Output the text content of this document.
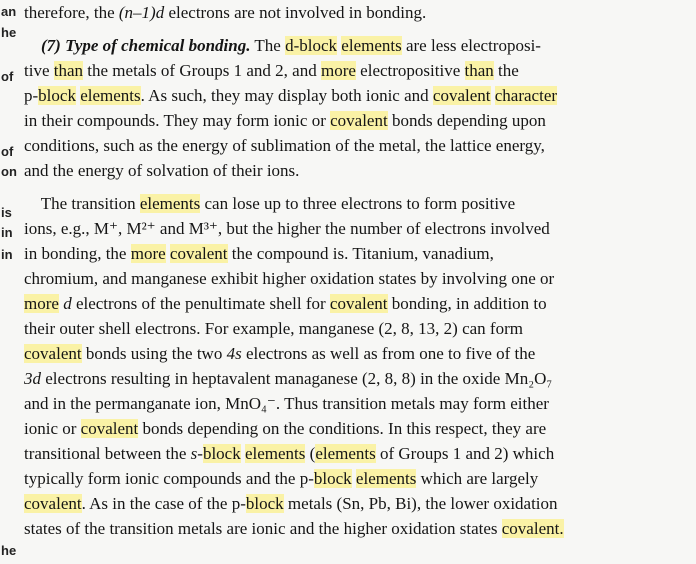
an
he
of
of
on
is
in
in
he
therefore, the (n–1)d electrons are not involved in bonding.
(7) Type of chemical bonding. The d-block elements are less electroposi-
tive than the metals of Groups 1 and 2, and more electropositive than the
p-block elements. As such, they may display both ionic and covalent character
in their compounds. They may form ionic or covalent bonds depending upon
conditions, such as the energy of sublimation of the metal, the lattice energy,
and the energy of solvation of their ions.
The transition elements can lose up to three electrons to form positive
ions, e.g., M⁺, M²⁺ and M³⁺, but the higher the number of electrons involved
in bonding, the more covalent the compound is. Titanium, vanadium,
chromium, and manganese exhibit higher oxidation states by involving one or
more d electrons of the penultimate shell for covalent bonding, in addition to
their outer shell electrons. For example, manganese (2, 8, 13, 2) can form
covalent bonds using the two 4s electrons as well as from one to five of the
3d electrons resulting in heptavalent managanese (2, 8, 8) in the oxide Mn₂O₇
and in the permanganate ion, MnO₄⁻. Thus transition metals may form either
ionic or covalent bonds depending on the conditions. In this respect, they are
transitional between the s-block elements (elements of Groups 1 and 2) which
typically form ionic compounds and the p-block elements which are largely
covalent. As in the case of the p-block metals (Sn, Pb, Bi), the lower oxidation
states of the transition metals are ionic and the higher oxidation states covalent.
